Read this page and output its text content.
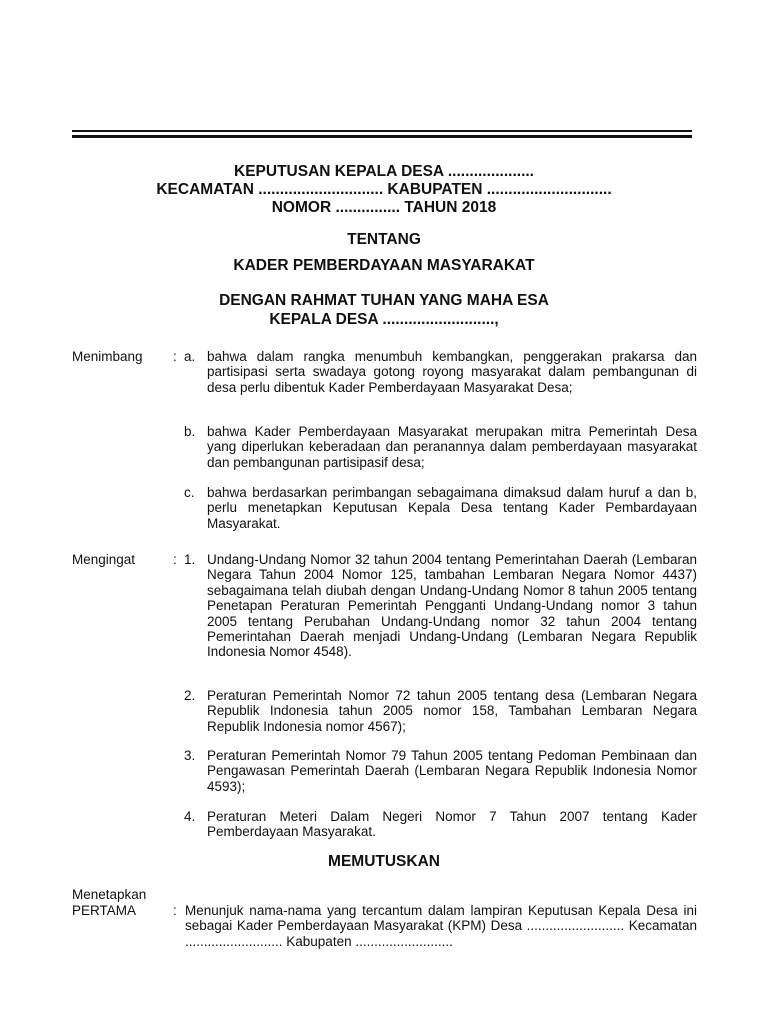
KEPUTUSAN KEPALA DESA ....................
KECAMATAN ............................. KABUPATEN .............................
NOMOR ............... TAHUN 2018
TENTANG
KADER PEMBERDAYAAN MASYARAKAT
DENGAN RAHMAT TUHAN YANG MAHA ESA
KEPALA DESA ..........................,
Menimbang : a. bahwa dalam rangka menumbuh kembangkan, penggerakan prakarsa dan partisipasi serta swadaya gotong royong masyarakat dalam pembangunan di desa perlu dibentuk Kader Pemberdayaan Masyarakat Desa;
b. bahwa Kader Pemberdayaan Masyarakat merupakan mitra Pemerintah Desa yang diperlukan keberadaan dan peranannya dalam pemberdayaan masyarakat dan pembangunan partisipasif desa;
c. bahwa berdasarkan perimbangan sebagaimana dimaksud dalam huruf a dan b, perlu menetapkan Keputusan Kepala Desa tentang Kader Pembardayaan Masyarakat.
Mengingat	: 1. Undang-Undang Nomor 32 tahun 2004 tentang Pemerintahan Daerah (Lembaran Negara Tahun 2004 Nomor 125, tambahan Lembaran Negara Nomor 4437) sebagaimana telah diubah dengan Undang-Undang Nomor 8 tahun 2005 tentang Penetapan Peraturan Pemerintah Pengganti Undang-Undang nomor 3 tahun 2005 tentang Perubahan Undang-Undang nomor 32 tahun 2004 tentang Pemerintahan Daerah menjadi Undang-Undang (Lembaran Negara Republik Indonesia Nomor 4548).
2. Peraturan Pemerintah Nomor 72 tahun 2005 tentang desa (Lembaran Negara Republik Indonesia tahun 2005 nomor 158, Tambahan Lembaran Negara Republik Indonesia nomor 4567);
3. Peraturan Pemerintah Nomor 79 Tahun 2005 tentang Pedoman Pembinaan dan Pengawasan Pemerintah Daerah (Lembaran Negara Republik Indonesia Nomor 4593);
4. Peraturan Meteri Dalam Negeri Nomor 7 Tahun 2007 tentang Kader Pemberdayaan Masyarakat.
MEMUTUSKAN
Menetapkan
PERTAMA	: Menunjuk nama-nama yang tercantum dalam lampiran Keputusan Kepala Desa ini sebagai Kader Pemberdayaan Masyarakat (KPM) Desa .......................... Kecamatan .......................... Kabupaten ..........................
